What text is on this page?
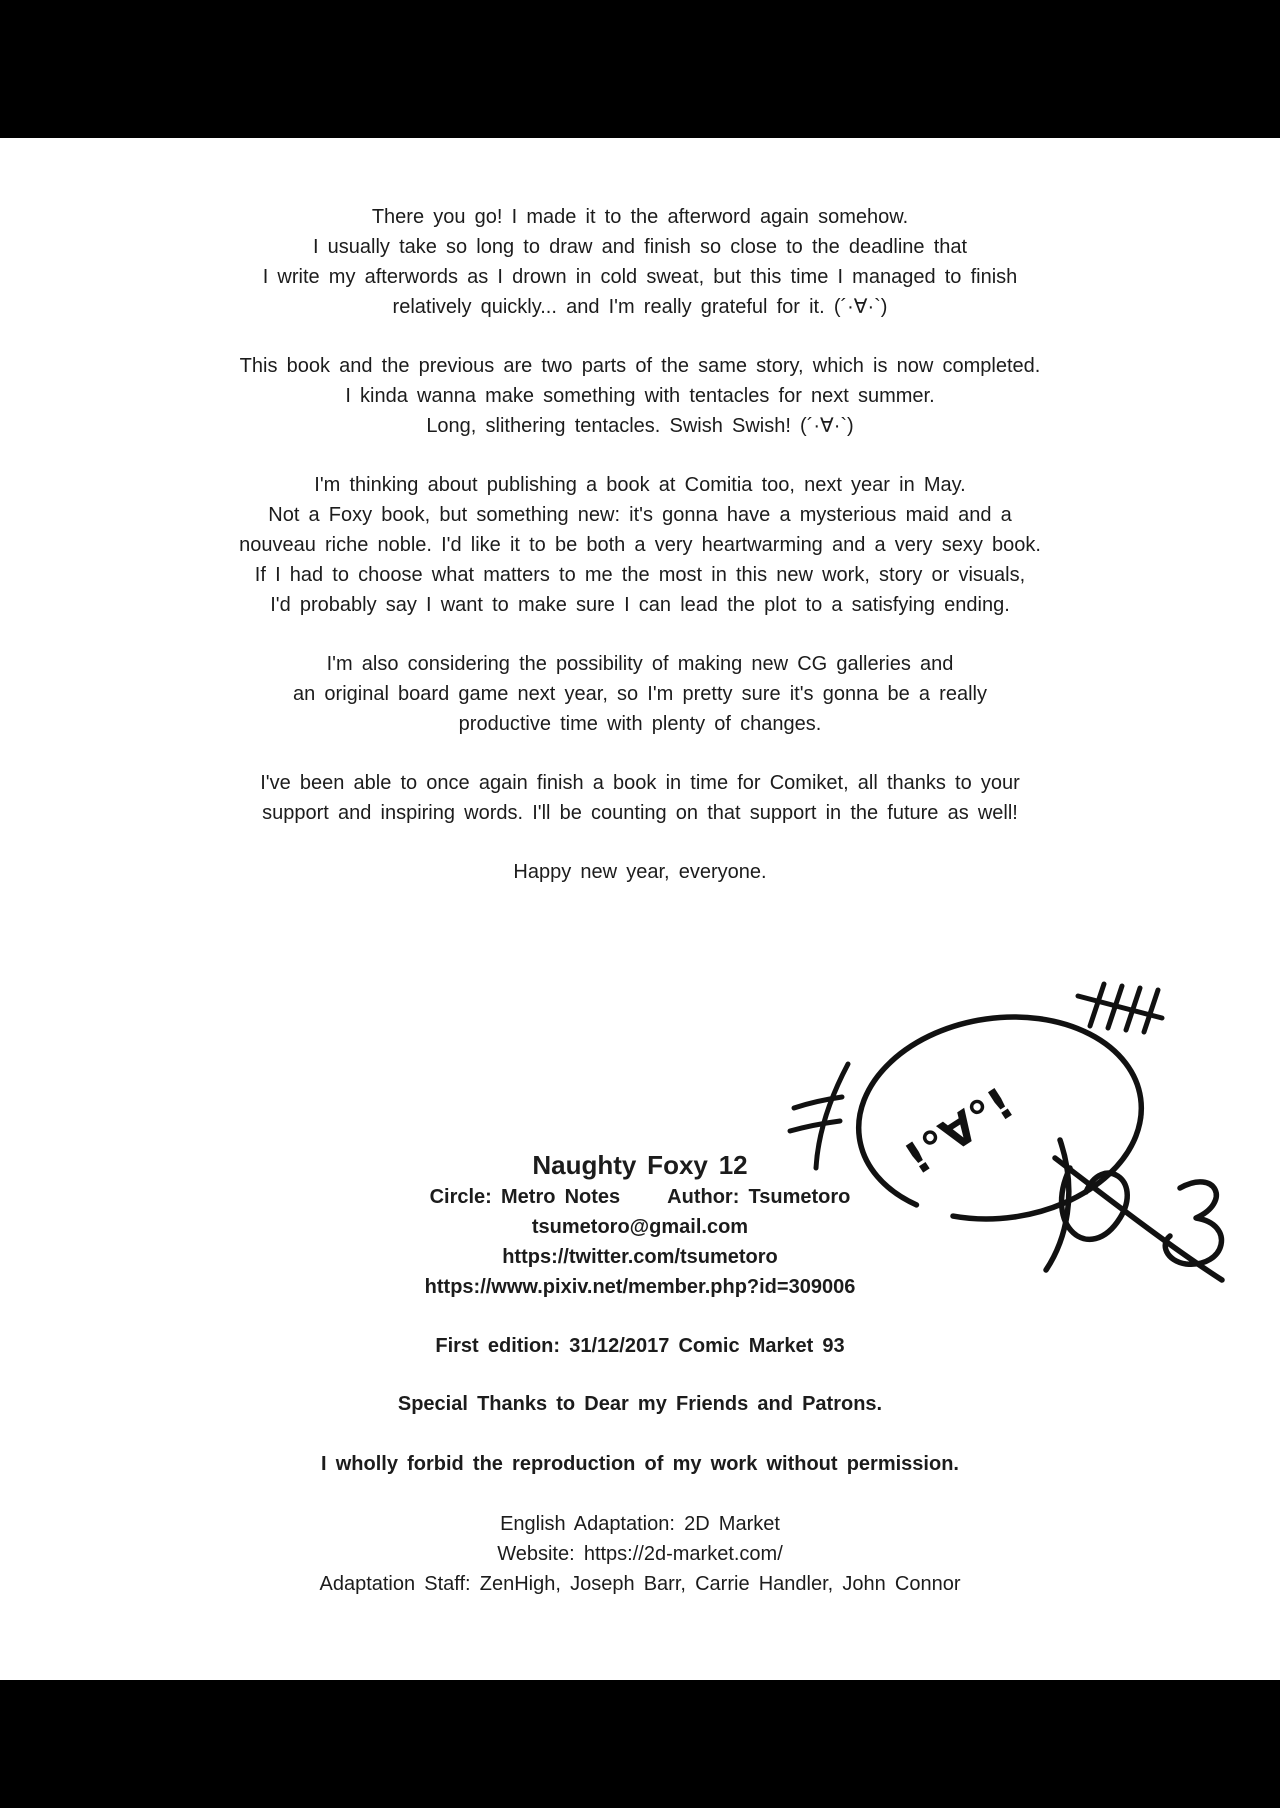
There you go! I made it to the afterword again somehow.
I usually take so long to draw and finish so close to the deadline that
I write my afterwords as I drown in cold sweat, but this time I managed to finish
relatively quickly... and I'm really grateful for it. (´·∀·`)

This book and the previous are two parts of the same story, which is now completed.
I kinda wanna make something with tentacles for next summer.
Long, slithering tentacles. Swish Swish! (´·∀·`)

I'm thinking about publishing a book at Comitia too, next year in May.
Not a Foxy book, but something new: it's gonna have a mysterious maid and a
nouveau riche noble. I'd like it to be both a very heartwarming and a very sexy book.
If I had to choose what matters to me the most in this new work, story or visuals,
I'd probably say I want to make sure I can lead the plot to a satisfying ending.

I'm also considering the possibility of making new CG galleries and
an original board game next year, so I'm pretty sure it's gonna be a really
productive time with plenty of changes.

I've been able to once again finish a book in time for Comiket, all thanks to your
support and inspiring words. I'll be counting on that support in the future as well!

Happy new year, everyone.

Naughty Foxy 12
Circle: Metro Notes Author: Tsumetoro
tsumetoro@gmail.com
https://twitter.com/tsumetoro
https://www.pixiv.net/member.php?id=309006
First edition: 31/12/2017 Comic Market 93
Special Thanks to Dear my Friends and Patrons.
I wholly forbid the reproduction of my work without permission.
English Adaptation: 2D Market
Website: https://2d-market.com/
Adaptation Staff: ZenHigh, Joseph Barr, Carrie Handler, John Connor
!°∀°!
